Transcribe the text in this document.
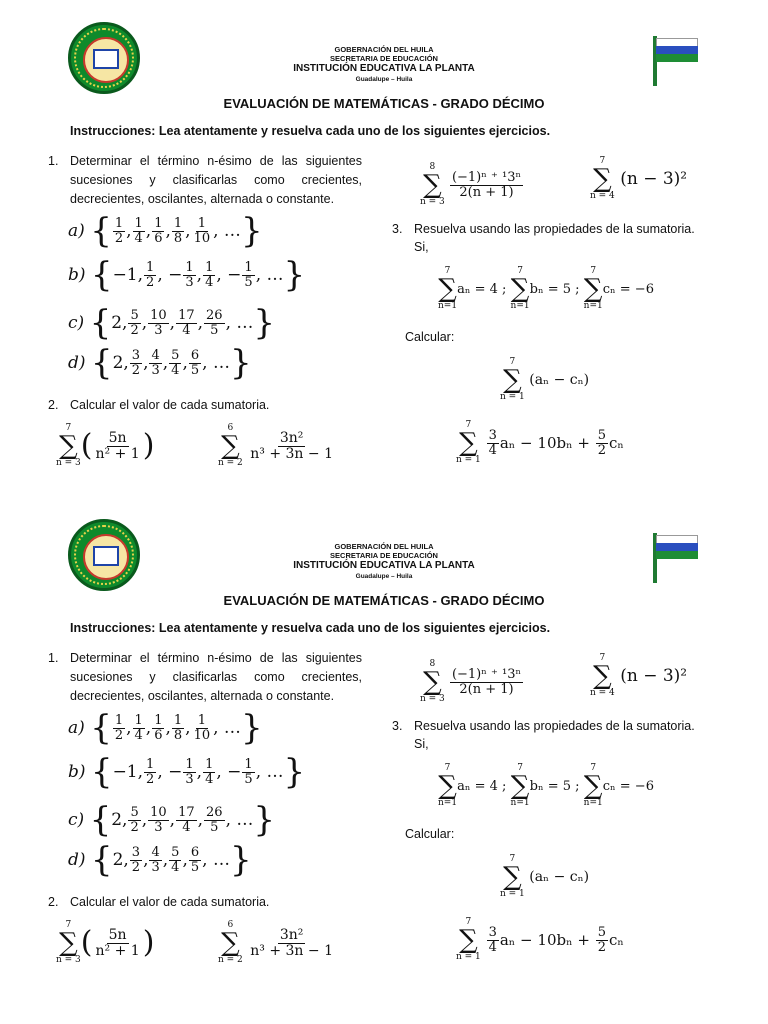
GOBERNACIÓN DEL HUILA
SECRETARIA DE EDUCACIÓN
INSTITUCIÓN EDUCATIVA LA PLANTA
Guadalupe – Huila
EVALUACIÓN DE MATEMÁTICAS - GRADO DÉCIMO
Instrucciones: Lea atentamente y resuelva cada uno de los siguientes ejercicios.
1. Determinar el término n-ésimo de las siguientes sucesiones y clasificarlas como crecientes, decrecientes, oscilantes, alternada o constante.
a)
{ $\frac{1}{2}$ , $\frac{1}{4}$ , $\frac{1}{6}$ , $\frac{1}{8}$ , $\frac{1}{10}$ , … }
b)
{ −1, $\frac{1}{2}$ , − $\frac{1}{3}$ , $\frac{1}{4}$ , − $\frac{1}{5}$ , … }
c)
{ 2, $\frac{5}{2}$ , $\frac{10}{3}$ , $\frac{17}{4}$ , $\frac{26}{5}$ , … }
d)
{ 2, $\frac{3}{2}$ , $\frac{4}{3}$ , $\frac{5}{4}$ , $\frac{6}{5}$ , … }
2. Calcular el valor de cada sumatoria.
7
∑
n = 3 ( $\frac{5n}{\text{n² + 1}}$ )	6
∑
n = 2

$\frac{\text{3n²}}{\text{n³ + 3n − 1}}$
8
∑
n = 3

$\frac{\text{(−1)ⁿ ⁺ ¹3ⁿ}}{2(n + 1)}$
7
∑
n = 4

(n − 3)²
3. Resuelva usando las propiedades de la sumatoria.
Si,
7
∑
n=1
aₙ = 4 ;

7
∑
n=1
bₙ = 5 ;

7
∑
n=1
cₙ = −6
Calcular:
7
∑
n = 1

(aₙ − cₙ)
7
∑
n = 1

$\frac{3}{4}$ aₙ − 10bₙ +
$\frac{5}{2}$ cₙ
GOBERNACIÓN DEL HUILA
SECRETARIA DE EDUCACIÓN
INSTITUCIÓN EDUCATIVA LA PLANTA
Guadalupe – Huila
EVALUACIÓN DE MATEMÁTICAS - GRADO DÉCIMO
Instrucciones: Lea atentamente y resuelva cada uno de los siguientes ejercicios.
1. Determinar el término n-ésimo de las siguientes sucesiones y clasificarlas como crecientes, decrecientes, oscilantes, alternada o constante.
a)
{ $\frac{1}{2}$ , $\frac{1}{4}$ , $\frac{1}{6}$ , $\frac{1}{8}$ , $\frac{1}{10}$ , … }
b)
{ −1, $\frac{1}{2}$ , − $\frac{1}{3}$ , $\frac{1}{4}$ , − $\frac{1}{5}$ , … }
c)
{ 2, $\frac{5}{2}$ , $\frac{10}{3}$ , $\frac{17}{4}$ , $\frac{26}{5}$ , … }
d)
{ 2, $\frac{3}{2}$ , $\frac{4}{3}$ , $\frac{5}{4}$ , $\frac{6}{5}$ , … }
2. Calcular el valor de cada sumatoria.
7
∑
n = 3 ( $\frac{5n}{\text{n² + 1}}$ )	6
∑
n = 2

$\frac{\text{3n²}}{\text{n³ + 3n − 1}}$
8
∑
n = 3

$\frac{\text{(−1)ⁿ ⁺ ¹3ⁿ}}{2(n + 1)}$
7
∑
n = 4

(n − 3)²
3. Resuelva usando las propiedades de la sumatoria.
Si,
7
∑
n=1
aₙ = 4 ;

7
∑
n=1
bₙ = 5 ;

7
∑
n=1
cₙ = −6
Calcular:
7
∑
n = 1

(aₙ − cₙ)
7
∑
n = 1

$\frac{3}{4}$ aₙ − 10bₙ +
$\frac{5}{2}$ cₙ
